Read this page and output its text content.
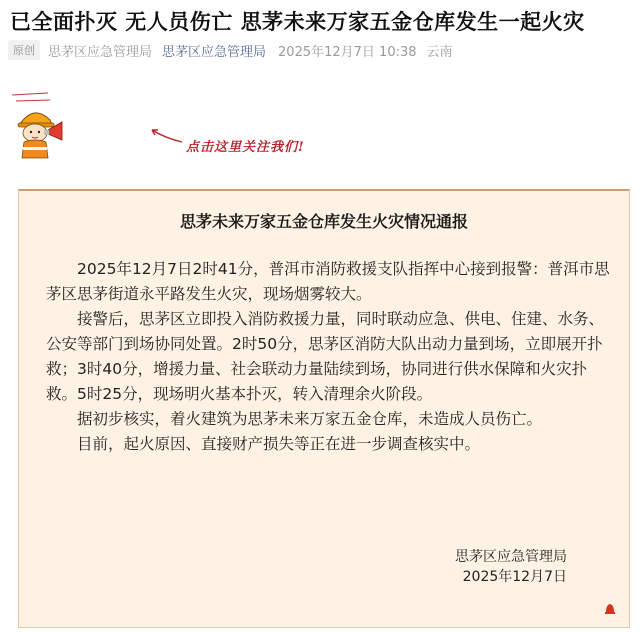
已全面扑灭 无人员伤亡 思茅未来万家五金仓库发生一起火灾
原创	思茅区应急管理局 思茅区应急管理局 2025年12月7日 10:38 云南
点击这里关注我们!
思茅未来万家五金仓库发生火灾情况通报

2025年12月7日2时41分，普洱市消防救援支队指挥中心接到报警：普洱市思茅区思茅街道永平路发生火灾，现场烟雾较大。

接警后，思茅区立即投入消防救援力量，同时联动应急、供电、住建、水务、公安等部门到场协同处置。2时50分，思茅区消防大队出动力量到场，立即展开扑救；3时40分，增援力量、社会联动力量陆续到场，协同进行供水保障和火灾扑救。5时25分，现场明火基本扑灭，转入清理余火阶段。

据初步核实，着火建筑为思茅未来万家五金仓库，未造成人员伤亡。

目前，起火原因、直接财产损失等正在进一步调查核实中。

思茅区应急管理局
2025年12月7日
